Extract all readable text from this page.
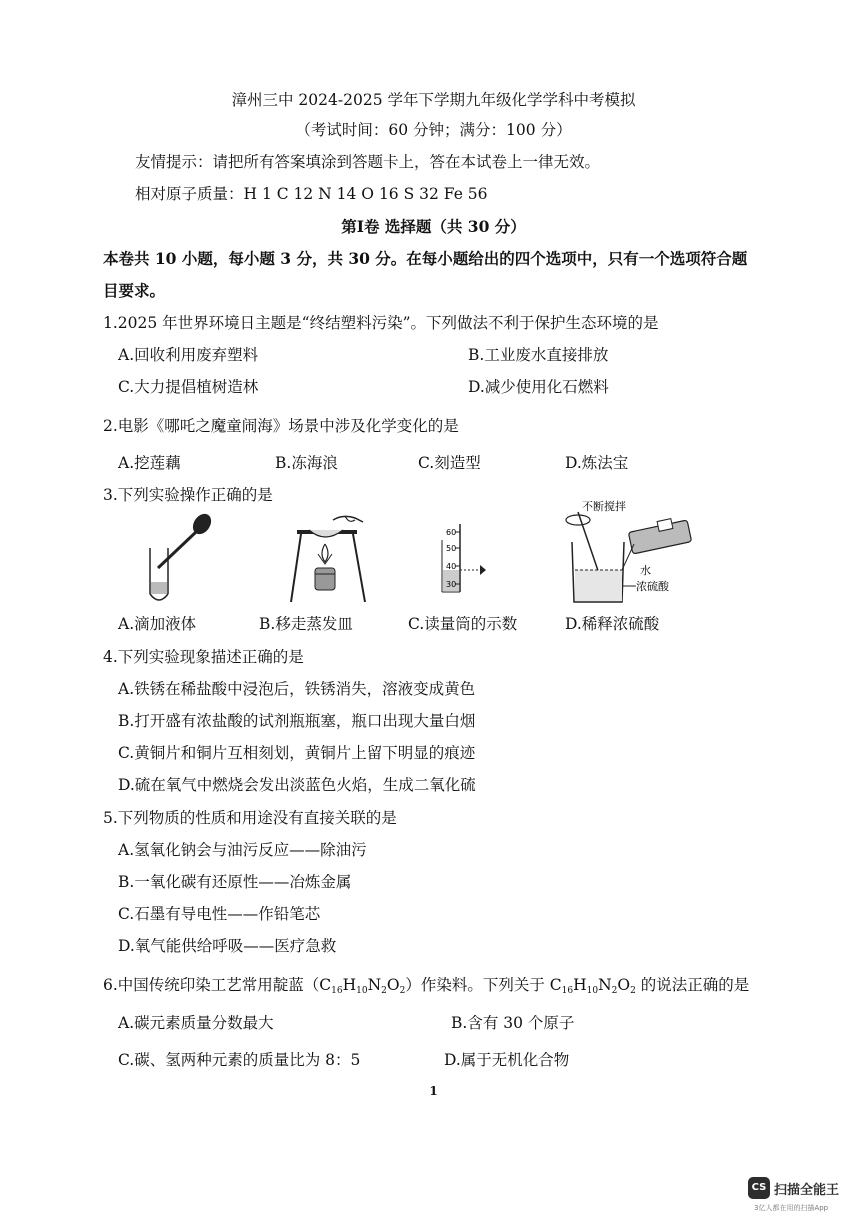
漳州三中 2024-2025 学年下学期九年级化学学科中考模拟
（考试时间：60 分钟；满分：100 分）
友情提示：请把所有答案填涂到答题卡上，答在本试卷上一律无效。
相对原子质量：H 1 C 12 N 14 O 16 S 32 Fe 56
第Ⅰ卷 选择题（共 30 分）
本卷共 10 小题，每小题 3 分，共 30 分。在每小题给出的四个选项中，只有一个选项符合题
目要求。
1.2025 年世界环境日主题是“终结塑料污染”。下列做法不利于保护生态环境的是
A.回收利用废弃塑料	B.工业废水直接排放
C.大力提倡植树造林	D.减少使用化石燃料
2.电影《哪吒之魔童闹海》场景中涉及化学变化的是
A.挖莲藕	B.冻海浪	C.刻造型	D.炼法宝
3.下列实验操作正确的是
60
50
40
30
不断搅拌
水
浓硫酸
A.滴加液体	B.移走蒸发皿	C.读量筒的示数	D.稀释浓硫酸
4.下列实验现象描述正确的是
A.铁锈在稀盐酸中浸泡后，铁锈消失，溶液变成黄色
B.打开盛有浓盐酸的试剂瓶瓶塞，瓶口出现大量白烟
C.黄铜片和铜片互相刻划，黄铜片上留下明显的痕迹
D.硫在氧气中燃烧会发出淡蓝色火焰，生成二氧化硫
5.下列物质的性质和用途没有直接关联的是
A.氢氧化钠会与油污反应——除油污
B.一氧化碳有还原性——冶炼金属
C.石墨有导电性——作铅笔芯
D.氧气能供给呼吸——医疗急救
6.中国传统印染工艺常用靛蓝$(C_{16}H_{10}N_2O_2)$作染料。下列关于 $C_{16}H_{10}N_2O_2$ 的说法正确的是
A.碳元素质量分数最大	B.含有 30 个原子
C.碳、氢两种元素的质量比为 8：5	D.属于无机化合物
1
CS 扫描全能王
3亿人都在用的扫描App
